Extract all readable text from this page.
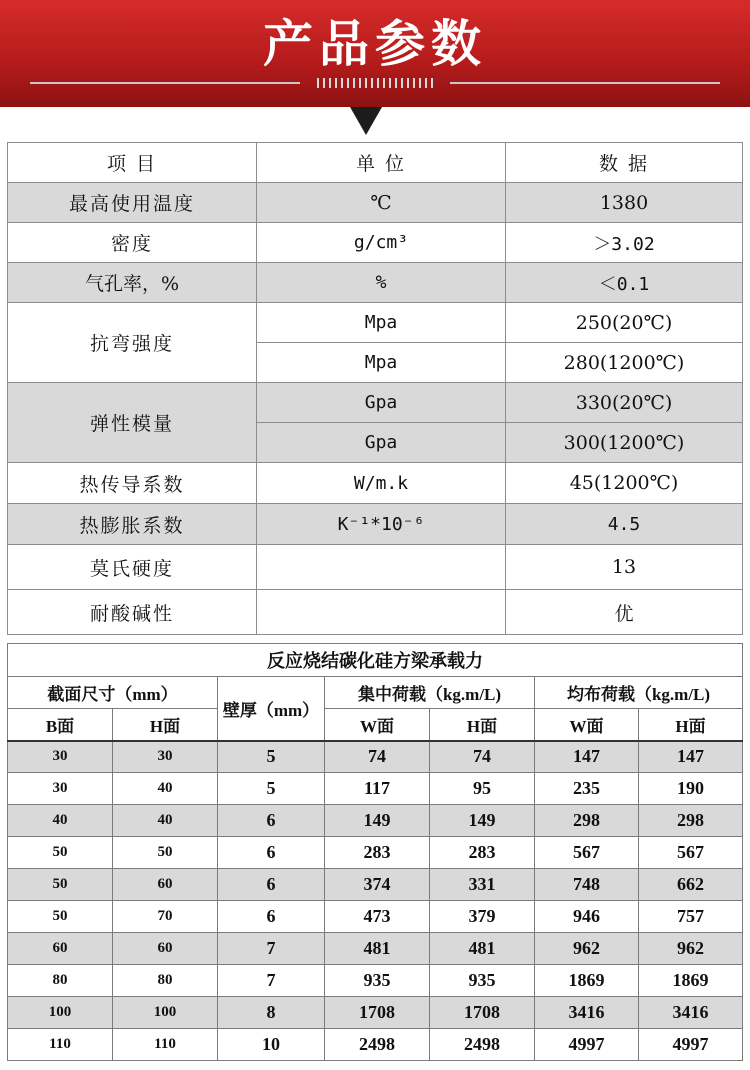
产品参数
项 目	单 位	数 据
最高使用温度	℃	1380
密度	g/cm³	＞3.02
气孔率，%	%	＜0.1
抗弯强度	Mpa	250(20℃)
	Mpa	280(1200℃)
弹性模量	Gpa	330(20℃)
	Gpa	300(1200℃)
热传导系数	W/m.k	45(1200℃)
热膨胀系数	K⁻¹*10⁻⁶	4.5
莫氏硬度		13
耐酸碱性		优
反应烧结碳化硅方梁承载力						
截面尺寸（mm）		壁厚（mm）	集中荷载（kg.m/L)		均布荷载（kg.m/L)	
B面	H面		W面	H面	W面	H面
30	30	5	74	74	147	147
30	40	5	117	95	235	190
40	40	6	149	149	298	298
50	50	6	283	283	567	567
50	60	6	374	331	748	662
50	70	6	473	379	946	757
60	60	7	481	481	962	962
80	80	7	935	935	1869	1869
100	100	8	1708	1708	3416	3416
110	110	10	2498	2498	4997	4997
